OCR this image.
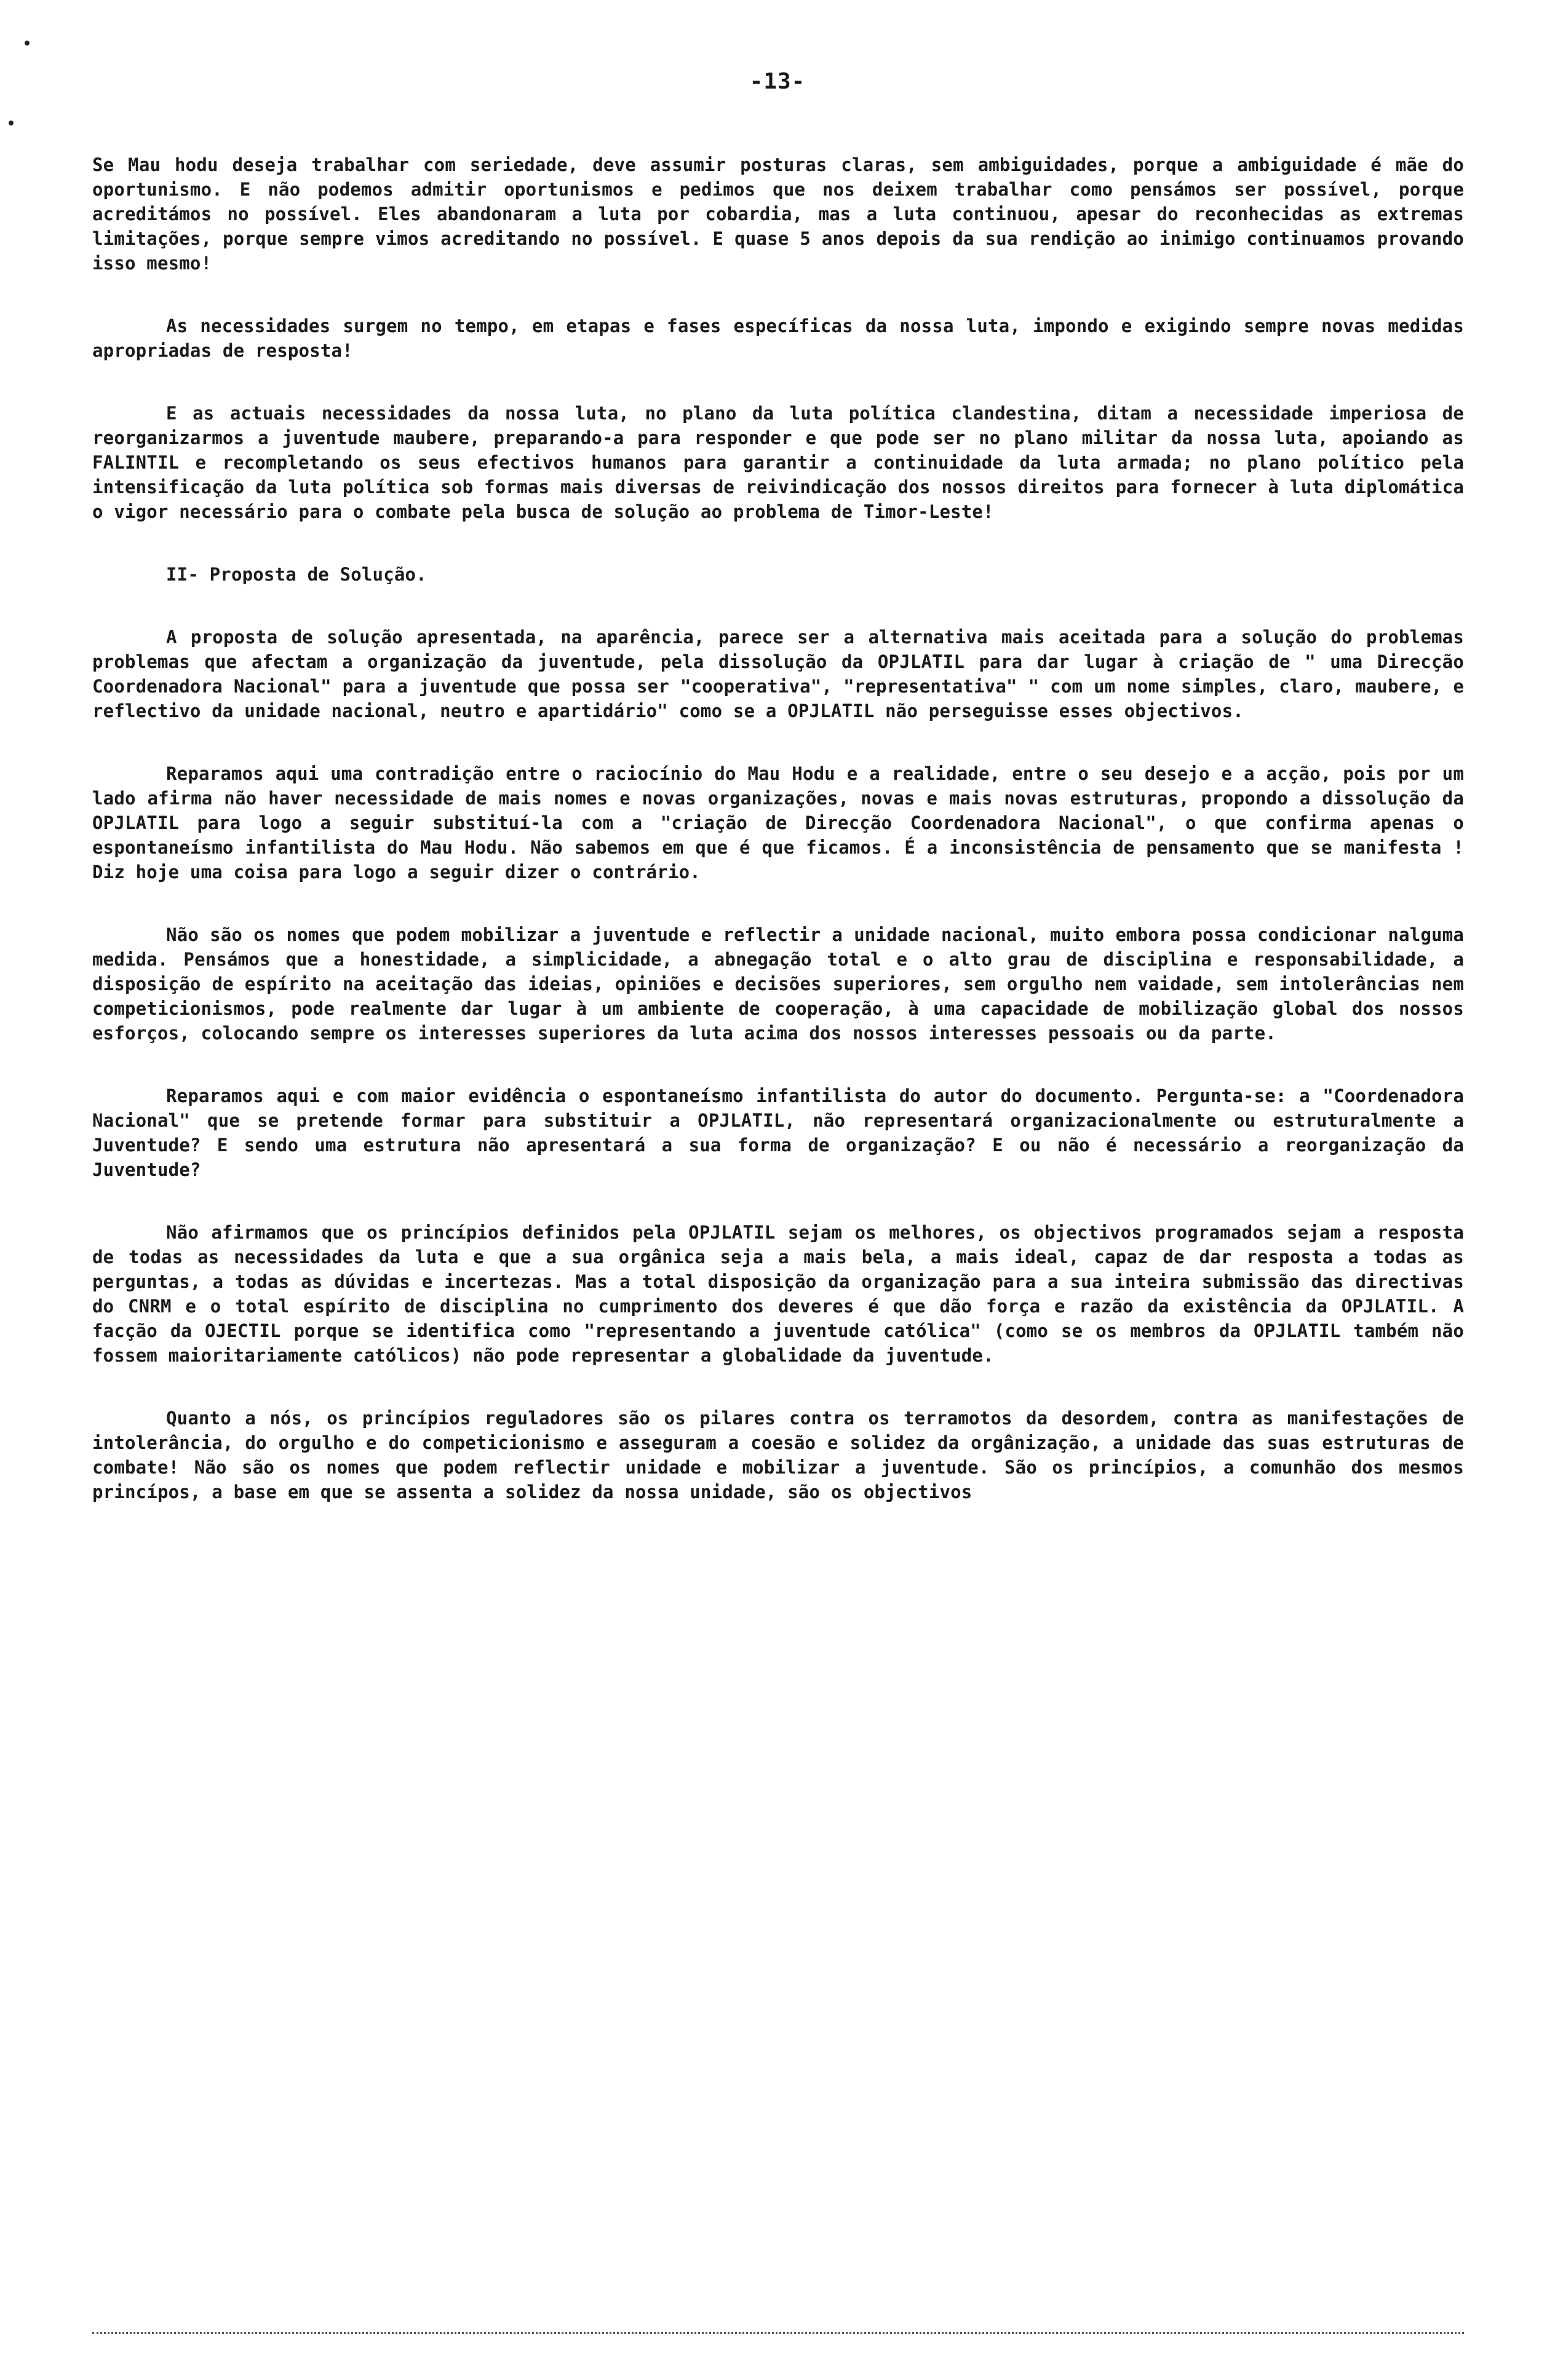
-13-

Se Mau hodu deseja trabalhar com seriedade, deve assumir posturas claras, sem ambiguidades, porque a ambiguidade é mãe do oportunismo. E não podemos admitir oportunismos e pedimos que nos deixem trabalhar como pensámos ser possível, porque acreditámos no possível. Eles abandonaram a luta por cobardia, mas a luta continuou, apesar do reconhecidas as extremas limitações, porque sempre vimos acreditando no possível. E quase 5 anos depois da sua rendição ao inimigo continuamos provando isso mesmo!

As necessidades surgem no tempo, em etapas e fases específicas da nossa luta, impondo e exigindo sempre novas medidas apropriadas de resposta!

E as actuais necessidades da nossa luta, no plano da luta política clandestina, ditam a necessidade imperiosa de reorganizarmos a juventude maubere, preparando-a para responder e que pode ser no plano militar da nossa luta, apoiando as FALINTIL e recompletando os seus efectivos humanos para garantir a continuidade da luta armada; no plano político pela intensificação da luta política sob formas mais diversas de reivindicação dos nossos direitos para fornecer à luta diplomática o vigor necessário para o combate pela busca de solução ao problema de Timor-Leste!

II- Proposta de Solução.

A proposta de solução apresentada, na aparência, parece ser a alternativa mais aceitada para a solução do problemas problemas que afectam a organização da juventude, pela dissolução da OPJLATIL para dar lugar à criação de " uma Direcção Coordenadora Nacional" para a juventude que possa ser "cooperativa", "representativa" " com um nome simples, claro, maubere, e reflectivo da unidade nacional, neutro e apartidário" como se a OPJLATIL não perseguisse esses objectivos.

Reparamos aqui uma contradição entre o raciocínio do Mau Hodu e a realidade, entre o seu desejo e a acção, pois por um lado afirma não haver necessidade de mais nomes e novas organizações, novas e mais novas estruturas, propondo a dissolução da OPJLATIL para logo a seguir substituí-la com a "criação de Direcção Coordenadora Nacional", o que confirma apenas o espontaneísmo infantilista do Mau Hodu. Não sabemos em que é que ficamos. É a inconsistência de pensamento que se manifesta ! Diz hoje uma coisa para logo a seguir dizer o contrário.

Não são os nomes que podem mobilizar a juventude e reflectir a unidade nacional, muito embora possa condicionar nalguma medida. Pensámos que a honestidade, a simplicidade, a abnegação total e o alto grau de disciplina e responsabilidade, a disposição de espírito na aceitação das ideias, opiniões e decisões superiores, sem orgulho nem vaidade, sem intolerâncias nem competicionismos, pode realmente dar lugar à um ambiente de cooperação, à uma capacidade de mobilização global dos nossos esforços, colocando sempre os interesses superiores da luta acima dos nossos interesses pessoais ou da parte.

Reparamos aqui e com maior evidência o espontaneísmo infantilista do autor do documento. Pergunta-se: a "Coordenadora Nacional" que se pretende formar para substituir a OPJLATIL, não representará organizacionalmente ou estruturalmente a Juventude? E sendo uma estrutura não apresentará a sua forma de organização? E ou não é necessário a reorganização da Juventude?

Não afirmamos que os princípios definidos pela OPJLATIL sejam os melhores, os objectivos programados sejam a resposta de todas as necessidades da luta e que a sua orgânica seja a mais bela, a mais ideal, capaz de dar resposta a todas as perguntas, a todas as dúvidas e incertezas. Mas a total disposição da organização para a sua inteira submissão das directivas do CNRM e o total espírito de disciplina no cumprimento dos deveres é que dão força e razão da existência da OPJLATIL. A facção da OJECTIL porque se identifica como "representando a juventude católica" (como se os membros da OPJLATIL também não fossem maioritariamente católicos) não pode representar a globalidade da juventude.

Quanto a nós, os princípios reguladores são os pilares contra os terramotos da desordem, contra as manifestações de intolerância, do orgulho e do competicionismo e asseguram a coesão e solidez da orgânização, a unidade das suas estruturas de combate! Não são os nomes que podem reflectir unidade e mobilizar a juventude. São os princípios, a comunhão dos mesmos princípos, a base em que se assenta a solidez da nossa unidade, são os objectivos
